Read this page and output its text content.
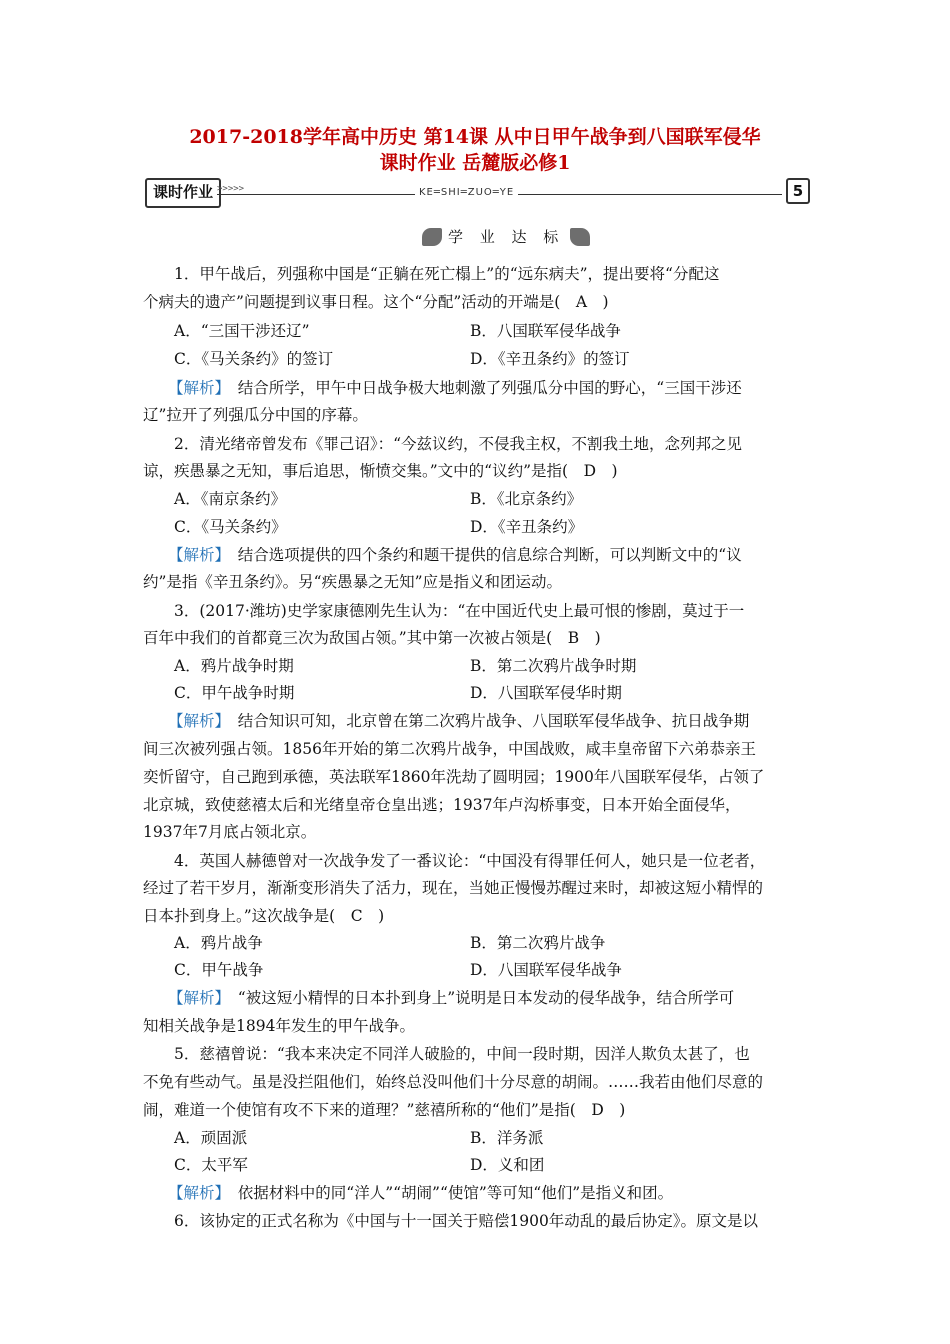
2017-2018学年高中历史 第14课 从中日甲午战争到八国联军侵华
课时作业 岳麓版必修1
课时作业 >>>>>	KE═SHI═ZUO═YE	5
学 业 达 标
1．甲午战后，列强称中国是“正躺在死亡榻上”的“远东病夫”，提出要将“分配这
个病夫的遗产”问题提到议事日程。这个“分配”活动的开端是(　A　)
A．“三国干涉还辽”	B．八国联军侵华战争
C．《马关条约》的签订	D．《辛丑条约》的签订
【解析】　结合所学，甲午中日战争极大地刺激了列强瓜分中国的野心，“三国干涉还
辽”拉开了列强瓜分中国的序幕。
2．清光绪帝曾发布《罪己诏》：“今兹议约，不侵我主权，不割我土地，念列邦之见
谅，疾愚暴之无知，事后追思，惭愤交集。”文中的“议约”是指(　D　)
A．《南京条约》	B．《北京条约》
C．《马关条约》	D．《辛丑条约》
【解析】　结合选项提供的四个条约和题干提供的信息综合判断，可以判断文中的“议
约”是指《辛丑条约》。另“疾愚暴之无知”应是指义和团运动。
3．(2017·潍坊)史学家康德刚先生认为：“在中国近代史上最可恨的惨剧，莫过于一
百年中我们的首都竟三次为敌国占领。”其中第一次被占领是(　B　)
A．鸦片战争时期	B．第二次鸦片战争时期
C．甲午战争时期	D．八国联军侵华时期
【解析】　结合知识可知，北京曾在第二次鸦片战争、八国联军侵华战争、抗日战争期
间三次被列强占领。1856年开始的第二次鸦片战争，中国战败，咸丰皇帝留下六弟恭亲王
奕忻留守，自己跑到承德，英法联军1860年洗劫了圆明园；1900年八国联军侵华，占领了
北京城，致使慈禧太后和光绪皇帝仓皇出逃；1937年卢沟桥事变，日本开始全面侵华，
1937年7月底占领北京。
4．英国人赫德曾对一次战争发了一番议论：“中国没有得罪任何人，她只是一位老者，
经过了若干岁月，渐渐变形消失了活力，现在，当她正慢慢苏醒过来时，却被这短小精悍的
日本扑到身上。”这次战争是(　C　)
A．鸦片战争	B．第二次鸦片战争
C．甲午战争	D．八国联军侵华战争
【解析】　“被这短小精悍的日本扑到身上”说明是日本发动的侵华战争，结合所学可
知相关战争是1894年发生的甲午战争。
5．慈禧曾说：“我本来决定不同洋人破脸的，中间一段时期，因洋人欺负太甚了，也
不免有些动气。虽是没拦阻他们，始终总没叫他们十分尽意的胡闹。……我若由他们尽意的
闹，难道一个使馆有攻不下来的道理？”慈禧所称的“他们”是指(　D　)
A．顽固派	B．洋务派
C．太平军	D．义和团
【解析】　依据材料中的同“洋人”“胡闹”“使馆”等可知“他们”是指义和团。
6．该协定的正式名称为《中国与十一国关于赔偿1900年动乱的最后协定》。原文是以
